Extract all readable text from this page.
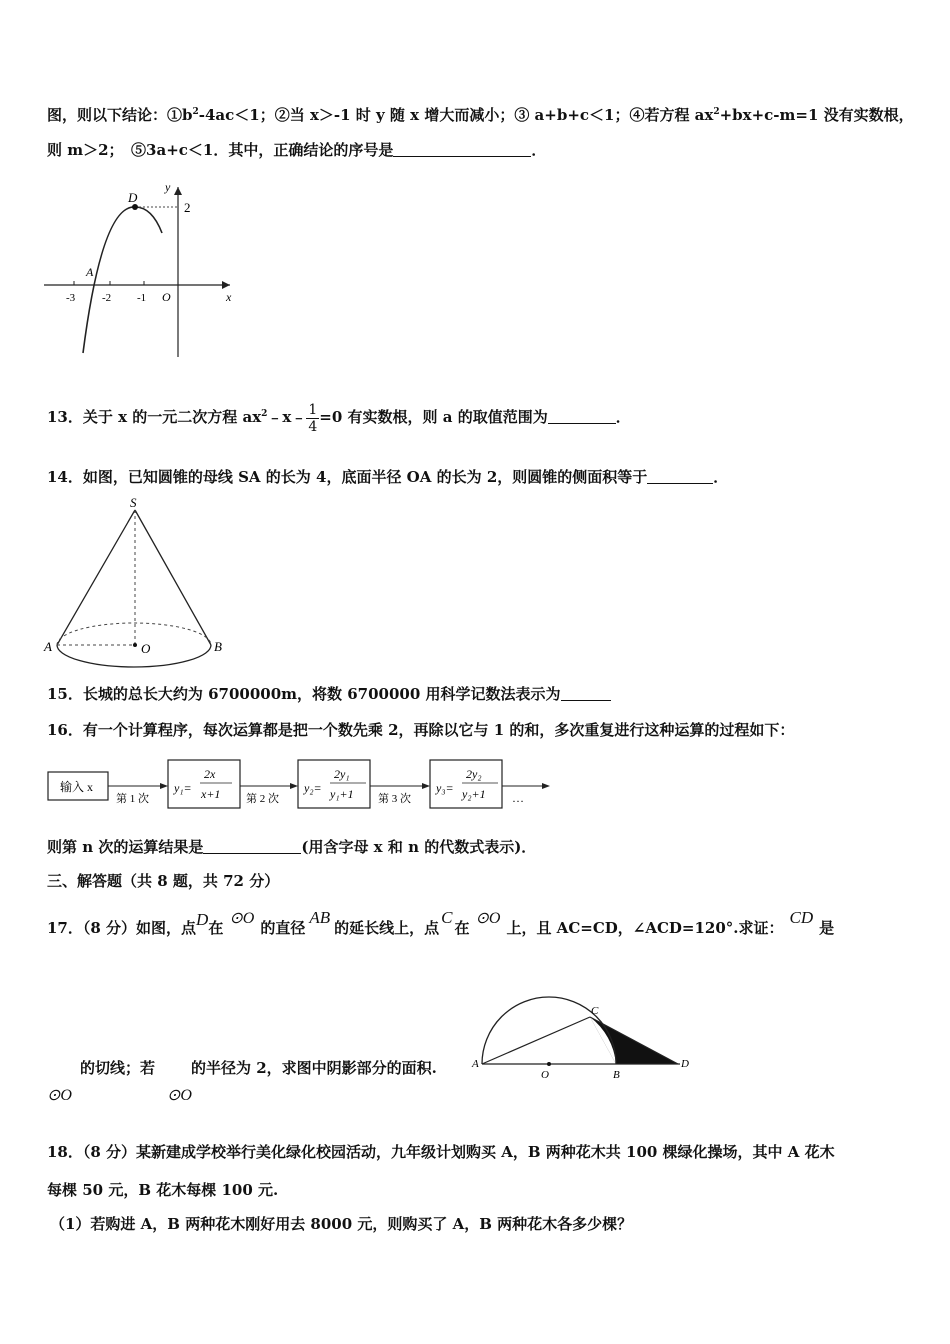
图，则以下结论：$①b^2-4ac<1$；②当 x＞-1 时 y 随 x 增大而减小；③ a+b+c＜1；④若方程 $ax^2+bx+c-m=1$ 没有实数根，
则 m＞2；　⑤3a+c＜1．其中，正确结论的序号是	．
D
A
O	x
y
2
-3 -2 -1
13．关于 x 的一元二次方程 $ax^2﹣x﹣ \frac{1}{4} =0$ 有实数根，则 a 的取值范围为	．
14．如图，已知圆锥的母线 SA 的长为 4，底面半径 OA 的长为 2，则圆锥的侧面积等于	．
S
A	O	B
15．长城的总长大约为 6700000m，将数 6700000 用科学记数法表示为
16．有一个计算程序，每次运算都是把一个数先乘 2，再除以它与 1 的和，多次重复进行这种运算的过程如下：
输入 x
第 1 次
y₁=
2x
x+1 第 2 次
y₂=
2y₁
y₁+1 第 3 次
y₃=
2y₂
y₂+1 …
则第 n 次的运算结果是	(用含字母 x 和 n 的代数式表示)．
三、解答题（共 8 题，共 72 分）
17．（8 分）如图，点D在⊙O的直径AB的延长线上，点C在⊙O上，且 AC=CD，∠ACD=120°.求证：CD是
A
O	B
C
D
的切线；若 的半径为 2，求图中阴影部分的面积.
⊙O	⊙O
18．（8 分）某新建成学校举行美化绿化校园活动，九年级计划购买 A，B 两种花木共 100 棵绿化操场，其中 A 花木
每棵 50 元，B 花木每棵 100 元.
（1）若购进 A，B 两种花木刚好用去 8000 元，则购买了 A，B 两种花木各多少棵？
